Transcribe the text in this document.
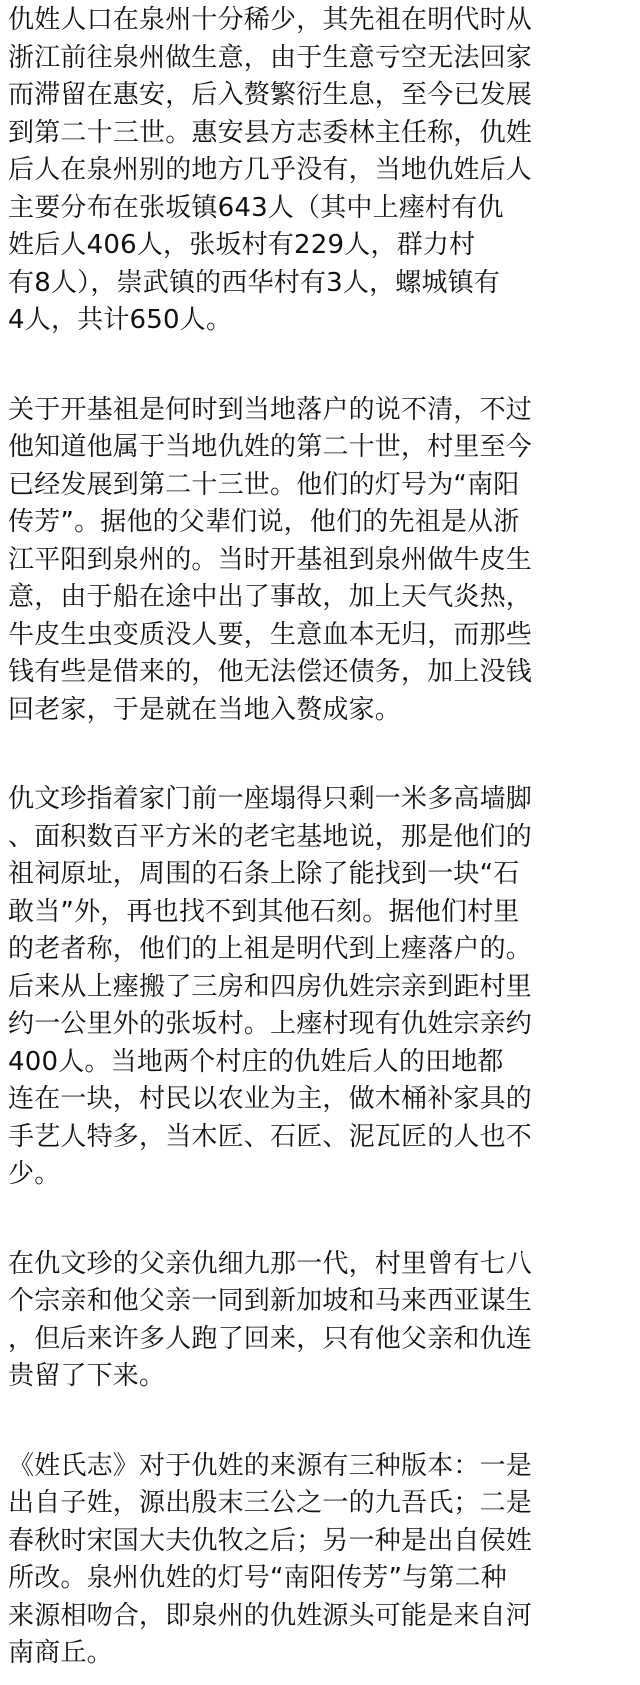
仇姓人口在泉州十分稀少，其先祖在明代时从
浙江前往泉州做生意，由于生意亏空无法回家
而滞留在惠安，后入赘繁衍生息，至今已发展
到第二十三世。惠安县方志委林主任称，仇姓
后人在泉州别的地方几乎没有，当地仇姓后人
主要分布在张坂镇643人（其中上瘗村有仇
姓后人406人，张坂村有229人，群力村
有8人），崇武镇的西华村有3人，螺城镇有
4人，共计650人。
关于开基祖是何时到当地落户的说不清，不过
他知道他属于当地仇姓的第二十世，村里至今
已经发展到第二十三世。他们的灯号为“南阳
传芳”。据他的父辈们说，他们的先祖是从浙
江平阳到泉州的。当时开基祖到泉州做牛皮生
意，由于船在途中出了事故，加上天气炎热，
牛皮生虫变质没人要，生意血本无归，而那些
钱有些是借来的，他无法偿还债务，加上没钱
回老家，于是就在当地入赘成家。
仇文珍指着家门前一座塌得只剩一米多高墙脚
、面积数百平方米的老宅基地说，那是他们的
祖祠原址，周围的石条上除了能找到一块“石
敢当”外，再也找不到其他石刻。据他们村里
的老者称，他们的上祖是明代到上瘗落户的。
后来从上瘗搬了三房和四房仇姓宗亲到距村里
约一公里外的张坂村。上瘗村现有仇姓宗亲约
400人。当地两个村庄的仇姓后人的田地都
连在一块，村民以农业为主，做木桶补家具的
手艺人特多，当木匠、石匠、泥瓦匠的人也不
少。
在仇文珍的父亲仇细九那一代，村里曾有七八
个宗亲和他父亲一同到新加坡和马来西亚谋生
，但后来许多人跑了回来，只有他父亲和仇连
贵留了下来。
《姓氏志》对于仇姓的来源有三种版本：一是
出自子姓，源出殷末三公之一的九吾氏；二是
春秋时宋国大夫仇牧之后；另一种是出自侯姓
所改。泉州仇姓的灯号“南阳传芳”与第二种
来源相吻合，即泉州的仇姓源头可能是来自河
南商丘。
